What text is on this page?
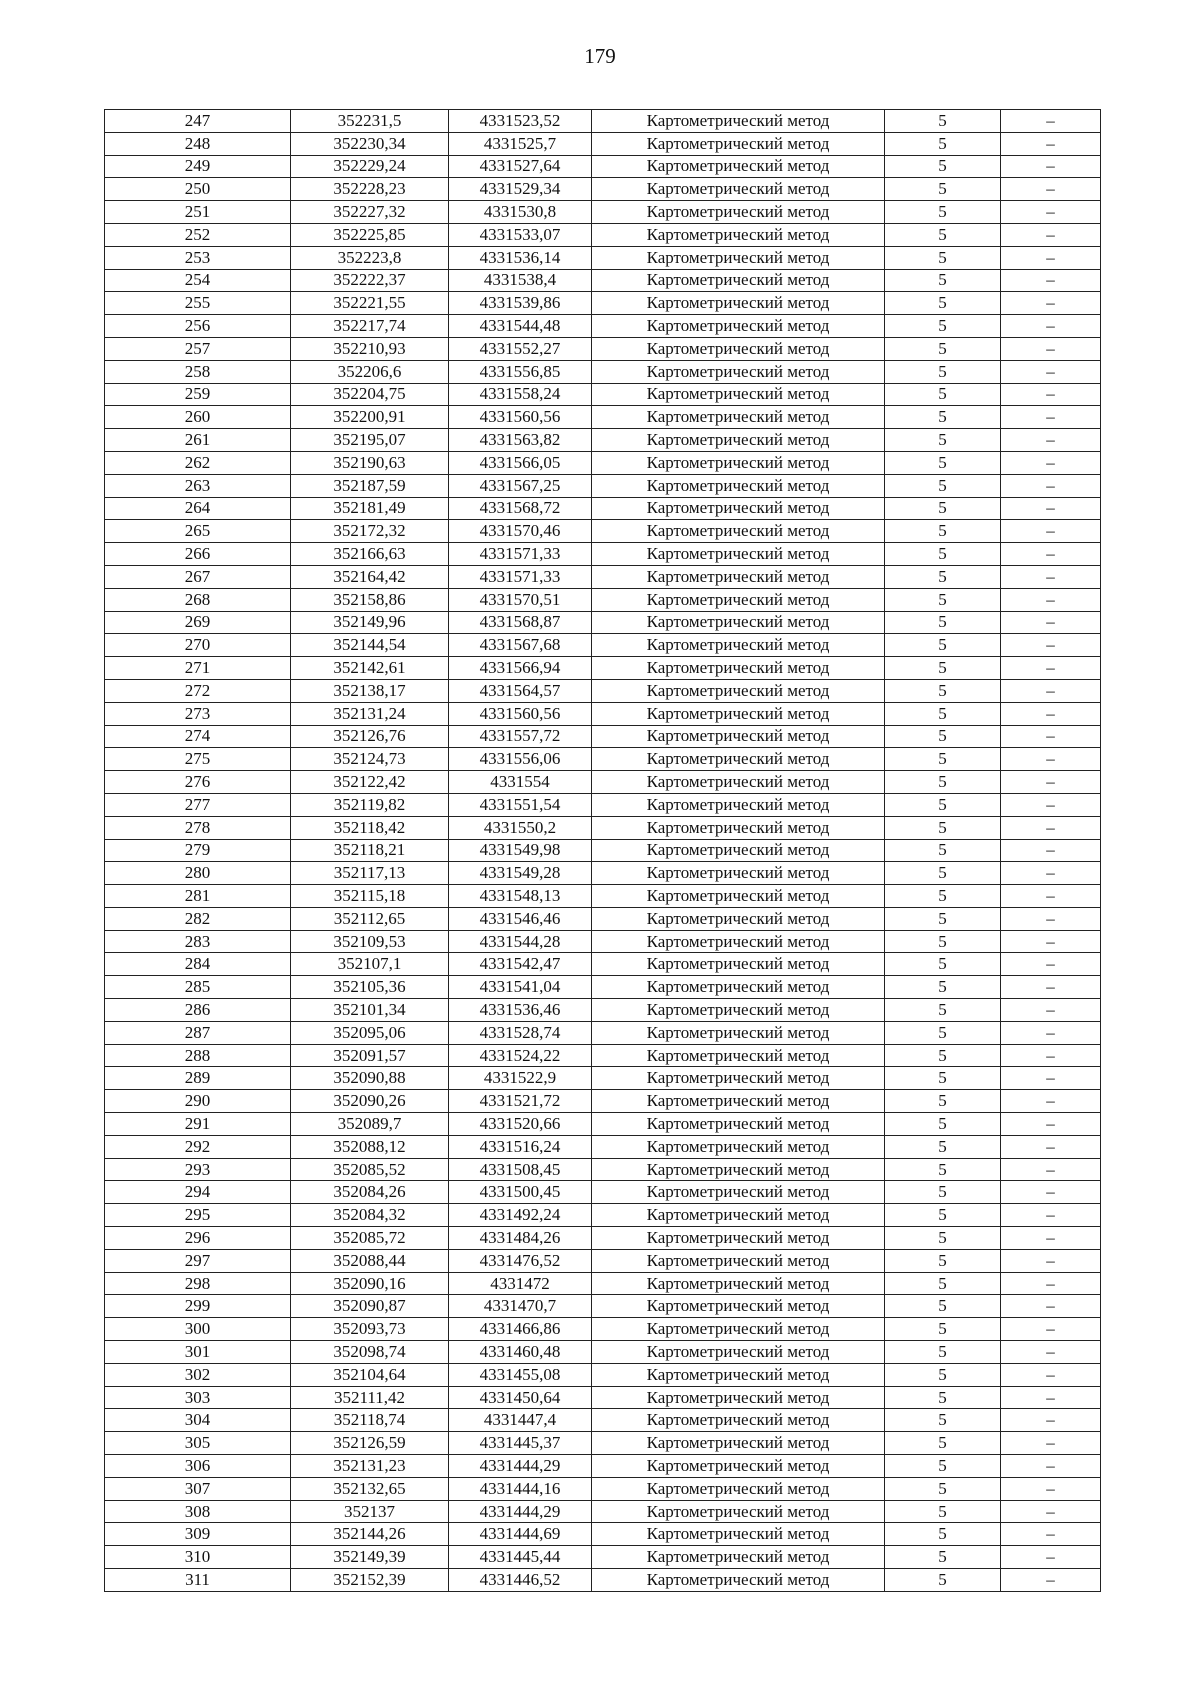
179
247	352231,5	4331523,52	Картометрический метод	5	–
248	352230,34	4331525,7	Картометрический метод	5	–
249	352229,24	4331527,64	Картометрический метод	5	–
250	352228,23	4331529,34	Картометрический метод	5	–
251	352227,32	4331530,8	Картометрический метод	5	–
252	352225,85	4331533,07	Картометрический метод	5	–
253	352223,8	4331536,14	Картометрический метод	5	–
254	352222,37	4331538,4	Картометрический метод	5	–
255	352221,55	4331539,86	Картометрический метод	5	–
256	352217,74	4331544,48	Картометрический метод	5	–
257	352210,93	4331552,27	Картометрический метод	5	–
258	352206,6	4331556,85	Картометрический метод	5	–
259	352204,75	4331558,24	Картометрический метод	5	–
260	352200,91	4331560,56	Картометрический метод	5	–
261	352195,07	4331563,82	Картометрический метод	5	–
262	352190,63	4331566,05	Картометрический метод	5	–
263	352187,59	4331567,25	Картометрический метод	5	–
264	352181,49	4331568,72	Картометрический метод	5	–
265	352172,32	4331570,46	Картометрический метод	5	–
266	352166,63	4331571,33	Картометрический метод	5	–
267	352164,42	4331571,33	Картометрический метод	5	–
268	352158,86	4331570,51	Картометрический метод	5	–
269	352149,96	4331568,87	Картометрический метод	5	–
270	352144,54	4331567,68	Картометрический метод	5	–
271	352142,61	4331566,94	Картометрический метод	5	–
272	352138,17	4331564,57	Картометрический метод	5	–
273	352131,24	4331560,56	Картометрический метод	5	–
274	352126,76	4331557,72	Картометрический метод	5	–
275	352124,73	4331556,06	Картометрический метод	5	–
276	352122,42	4331554	Картометрический метод	5	–
277	352119,82	4331551,54	Картометрический метод	5	–
278	352118,42	4331550,2	Картометрический метод	5	–
279	352118,21	4331549,98	Картометрический метод	5	–
280	352117,13	4331549,28	Картометрический метод	5	–
281	352115,18	4331548,13	Картометрический метод	5	–
282	352112,65	4331546,46	Картометрический метод	5	–
283	352109,53	4331544,28	Картометрический метод	5	–
284	352107,1	4331542,47	Картометрический метод	5	–
285	352105,36	4331541,04	Картометрический метод	5	–
286	352101,34	4331536,46	Картометрический метод	5	–
287	352095,06	4331528,74	Картометрический метод	5	–
288	352091,57	4331524,22	Картометрический метод	5	–
289	352090,88	4331522,9	Картометрический метод	5	–
290	352090,26	4331521,72	Картометрический метод	5	–
291	352089,7	4331520,66	Картометрический метод	5	–
292	352088,12	4331516,24	Картометрический метод	5	–
293	352085,52	4331508,45	Картометрический метод	5	–
294	352084,26	4331500,45	Картометрический метод	5	–
295	352084,32	4331492,24	Картометрический метод	5	–
296	352085,72	4331484,26	Картометрический метод	5	–
297	352088,44	4331476,52	Картометрический метод	5	–
298	352090,16	4331472	Картометрический метод	5	–
299	352090,87	4331470,7	Картометрический метод	5	–
300	352093,73	4331466,86	Картометрический метод	5	–
301	352098,74	4331460,48	Картометрический метод	5	–
302	352104,64	4331455,08	Картометрический метод	5	–
303	352111,42	4331450,64	Картометрический метод	5	–
304	352118,74	4331447,4	Картометрический метод	5	–
305	352126,59	4331445,37	Картометрический метод	5	–
306	352131,23	4331444,29	Картометрический метод	5	–
307	352132,65	4331444,16	Картометрический метод	5	–
308	352137	4331444,29	Картометрический метод	5	–
309	352144,26	4331444,69	Картометрический метод	5	–
310	352149,39	4331445,44	Картометрический метод	5	–
311	352152,39	4331446,52	Картометрический метод	5	–
